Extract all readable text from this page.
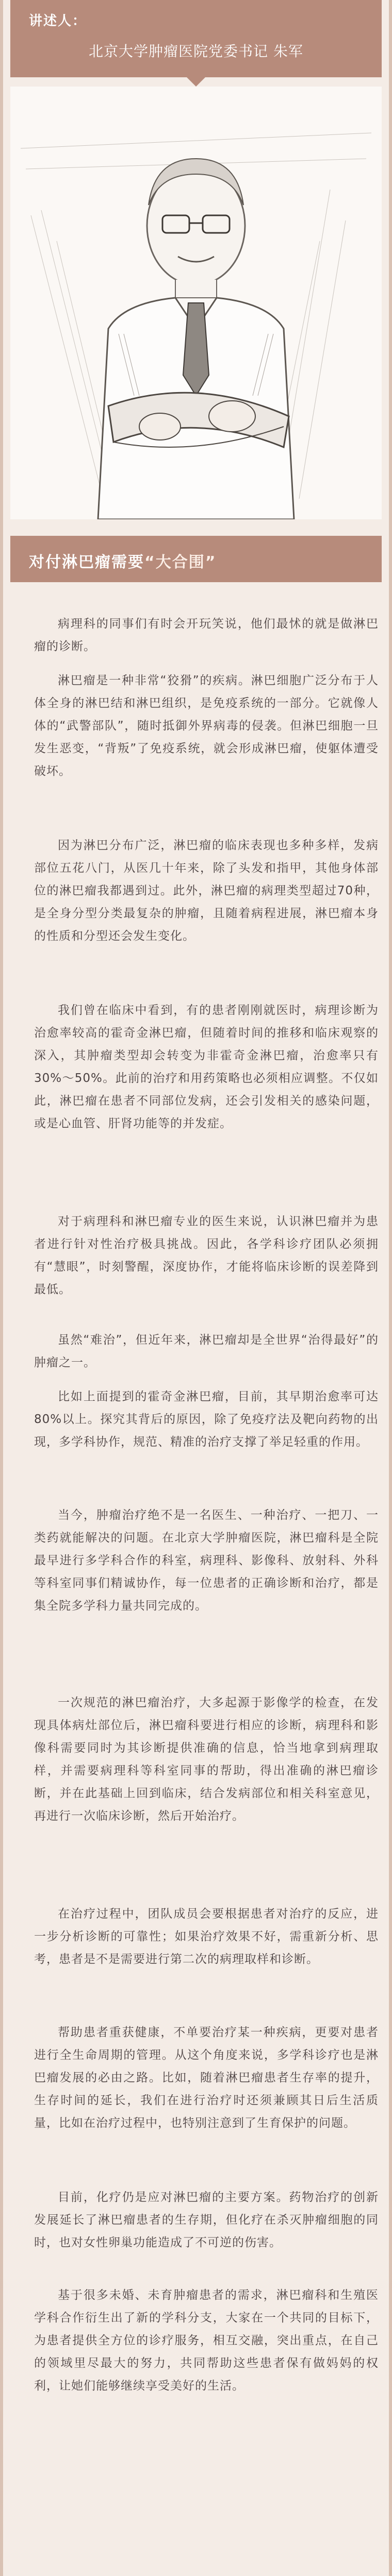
讲述人：
北京大学肿瘤医院党委书记 朱军
对付淋巴瘤需要“大合围”

病理科的同事们有时会开玩笑说，他们最怵的就是做淋巴瘤的诊断。

淋巴瘤是一种非常“狡猾”的疾病。淋巴细胞广泛分布于人体全身的淋巴结和淋巴组织，是免疫系统的一部分。它就像人体的“武警部队”，随时抵御外界病毒的侵袭。但淋巴细胞一旦发生恶变，“背叛”了免疫系统，就会形成淋巴瘤，使躯体遭受破坏。

因为淋巴分布广泛，淋巴瘤的临床表现也多种多样，发病部位五花八门，从医几十年来，除了头发和指甲，其他身体部位的淋巴瘤我都遇到过。此外，淋巴瘤的病理类型超过70种，是全身分型分类最复杂的肿瘤，且随着病程进展，淋巴瘤本身的性质和分型还会发生变化。

我们曾在临床中看到，有的患者刚刚就医时，病理诊断为治愈率较高的霍奇金淋巴瘤，但随着时间的推移和临床观察的深入，其肿瘤类型却会转变为非霍奇金淋巴瘤，治愈率只有30%～50%。此前的治疗和用药策略也必须相应调整。不仅如此，淋巴瘤在患者不同部位发病，还会引发相关的感染问题，或是心血管、肝肾功能等的并发症。

对于病理科和淋巴瘤专业的医生来说，认识淋巴瘤并为患者进行针对性治疗极具挑战。因此，各学科诊疗团队必须拥有“慧眼”，时刻警醒，深度协作，才能将临床诊断的误差降到最低。

虽然“难治”，但近年来，淋巴瘤却是全世界“治得最好”的肿瘤之一。

比如上面提到的霍奇金淋巴瘤，目前，其早期治愈率可达80%以上。探究其背后的原因，除了免疫疗法及靶向药物的出现，多学科协作，规范、精准的治疗支撑了举足轻重的作用。

当今，肿瘤治疗绝不是一名医生、一种治疗、一把刀、一类药就能解决的问题。在北京大学肿瘤医院，淋巴瘤科是全院最早进行多学科合作的科室，病理科、影像科、放射科、外科等科室同事们精诚协作，每一位患者的正确诊断和治疗，都是集全院多学科力量共同完成的。

一次规范的淋巴瘤治疗，大多起源于影像学的检查，在发现具体病灶部位后，淋巴瘤科要进行相应的诊断，病理科和影像科需要同时为其诊断提供准确的信息，恰当地拿到病理取样，并需要病理科等科室同事的帮助，得出准确的淋巴瘤诊断，并在此基础上回到临床，结合发病部位和相关科室意见，再进行一次临床诊断，然后开始治疗。

在治疗过程中，团队成员会要根据患者对治疗的反应，进一步分析诊断的可靠性；如果治疗效果不好，需重新分析、思考，患者是不是需要进行第二次的病理取样和诊断。

帮助患者重获健康，不单要治疗某一种疾病，更要对患者进行全生命周期的管理。从这个角度来说，多学科诊疗也是淋巴瘤发展的必由之路。比如，随着淋巴瘤患者生存率的提升，生存时间的延长，我们在进行治疗时还须兼顾其日后生活质量，比如在治疗过程中，也特别注意到了生育保护的问题。

目前，化疗仍是应对淋巴瘤的主要方案。药物治疗的创新发展延长了淋巴瘤患者的生存期，但化疗在杀灭肿瘤细胞的同时，也对女性卵巢功能造成了不可逆的伤害。

基于很多未婚、未育肿瘤患者的需求，淋巴瘤科和生殖医学科合作衍生出了新的学科分支，大家在一个共同的目标下，为患者提供全方位的诊疗服务，相互交融，突出重点，在自己的领域里尽最大的努力，共同帮助这些患者保有做妈妈的权利，让她们能够继续享受美好的生活。
